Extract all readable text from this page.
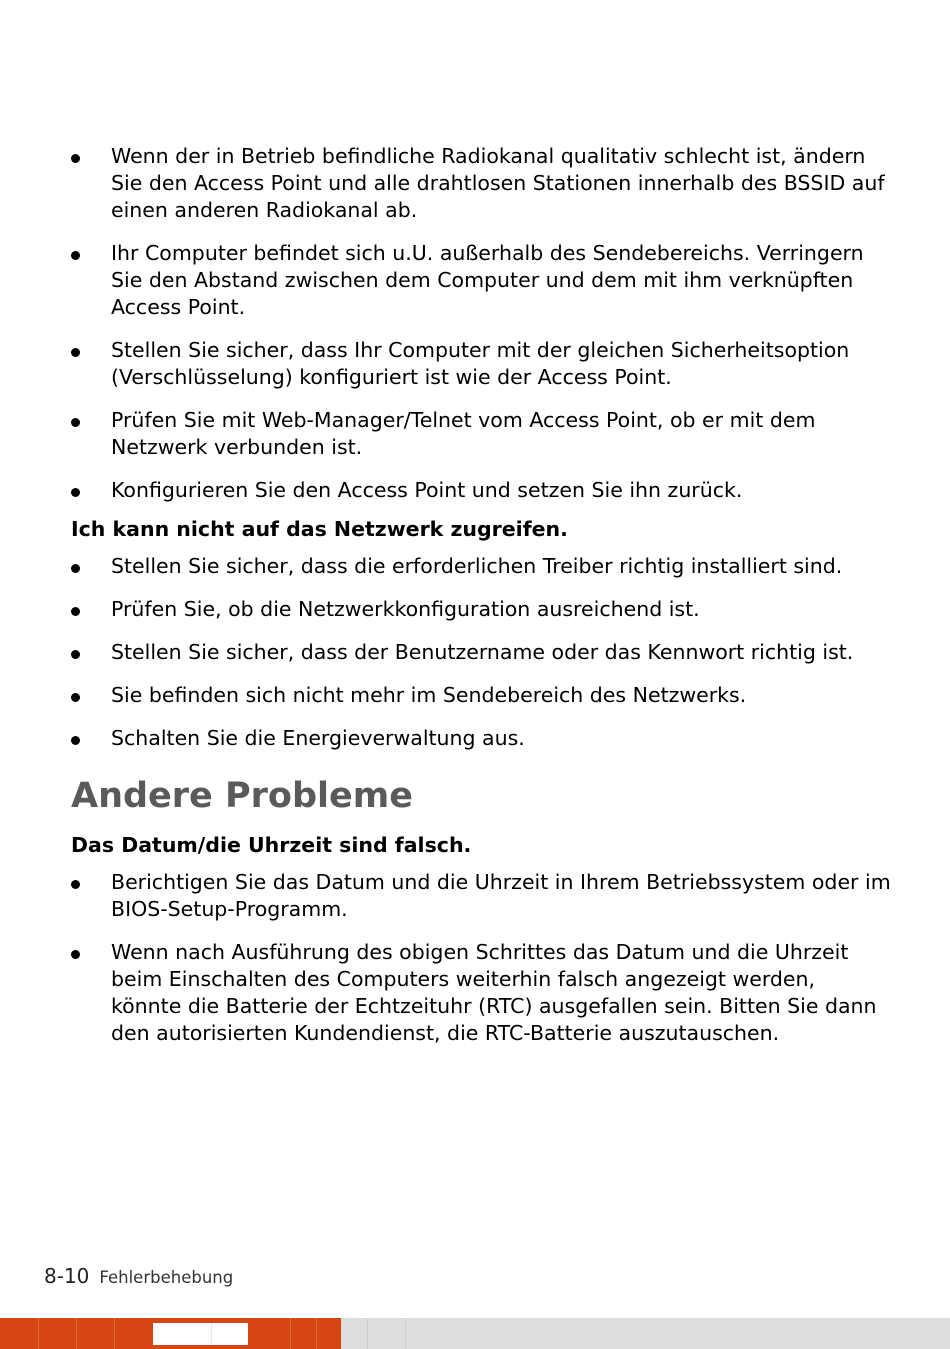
Wenn der in Betrieb befindliche Radiokanal qualitativ schlecht ist, ändern Sie den Access Point und alle drahtlosen Stationen innerhalb des BSSID auf einen anderen Radiokanal ab.
Ihr Computer befindet sich u.U. außerhalb des Sendebereichs. Verringern Sie den Abstand zwischen dem Computer und dem mit ihm verknüpften Access Point.
Stellen Sie sicher, dass Ihr Computer mit der gleichen Sicherheitsoption (Verschlüsselung) konfiguriert ist wie der Access Point.
Prüfen Sie mit Web-Manager/Telnet vom Access Point, ob er mit dem Netzwerk verbunden ist.
Konfigurieren Sie den Access Point und setzen Sie ihn zurück.
Ich kann nicht auf das Netzwerk zugreifen.
Stellen Sie sicher, dass die erforderlichen Treiber richtig installiert sind.
Prüfen Sie, ob die Netzwerkkonfiguration ausreichend ist.
Stellen Sie sicher, dass der Benutzername oder das Kennwort richtig ist.
Sie befinden sich nicht mehr im Sendebereich des Netzwerks.
Schalten Sie die Energieverwaltung aus.
Andere Probleme
Das Datum/die Uhrzeit sind falsch.
Berichtigen Sie das Datum und die Uhrzeit in Ihrem Betriebssystem oder im BIOS-Setup-Programm.
Wenn nach Ausführung des obigen Schrittes das Datum und die Uhrzeit beim Einschalten des Computers weiterhin falsch angezeigt werden, könnte die Batterie der Echtzeituhr (RTC) ausgefallen sein. Bitten Sie dann den autorisierten Kundendienst, die RTC-Batterie auszutauschen.
8-10 Fehlerbehebung
